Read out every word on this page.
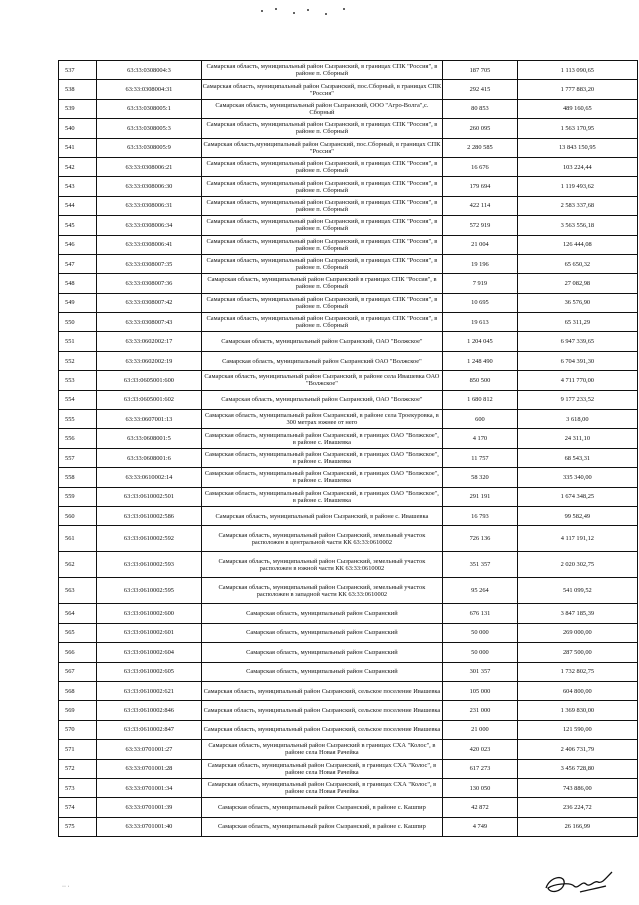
537	63:33:0308004:3	Самарская область, муниципальный район Сызранский, в границах СПК "Россия", в районе п. Сборный	187 705	1 113 090,65
538	63:33:0308004:31	Самарская область, муниципальный район Сызранский, пос.Сборный, в границах СПК "Россия"	292 415	1 777 883,20
539	63:33:0308005:1	Самарская область, муниципальный район Сызранский, ООО "Агро-Волга",с. Сборный	80 853	489 160,65
540	63:33:0308005:3	Самарская область, муниципальный район Сызранский, в границах СПК "Россия", в районе п. Сборный	260 095	1 563 170,95
541	63:33:0308005:9	Самарская область,муниципальный район Сызранский, пос.Сборный, в границах СПК "Россия"	2 280 585	13 843 150,95
542	63:33:0308006:21	Самарская область, муниципальный район Сызранский, в границах СПК "Россия", в районе п. Сборный	16 676	103 224,44
543	63:33:0308006:30	Самарская область, муниципальный район Сызранский, в границах СПК "Россия", в районе п. Сборный	179 694	1 119 493,62
544	63:33:0308006:31	Самарская область, муниципальный район Сызранский, в границах СПК "Россия", в районе п. Сборный	422 114	2 583 337,68
545	63:33:0308006:34	Самарская область, муниципальный район Сызранский, в границах СПК "Россия", в районе п. Сборный	572 919	3 563 556,18
546	63:33:0308006:41	Самарская область, муниципальный район Сызранский, в границах СПК "Россия", в районе п. Сборный	21 004	126 444,08
547	63:33:0308007:35	Самарская область, муниципальный район Сызранский, в границах СПК "Россия", в районе п. Сборный	19 196	65 650,32
548	63:33:0308007:36	Самарская область, муниципальный район Сызранский в границах СПК "Россия", в районе п. Сборный	7 919	27 082,98
549	63:33:0308007:42	Самарская область, муниципальный район Сызранский, в границах СПК "Россия", в районе п. Сборный	10 695	36 576,90
550	63:33:0308007:43	Самарская область, муниципальный район Сызранский, в границах СПК "Россия", в районе п. Сборный	19 613	65 311,29
551	63:33:0602002:17	Самарская область, муниципальный район Сызранский, ОАО "Волжское"	1 204 045	6 947 339,65
552	63:33:0602002:19	Самарская область, муниципальный район Сызранский ОАО "Волжское"	1 248 490	6 704 391,30
553	63:33:0605001:600	Самарская область, муниципальный район Сызранский, в районе села Ивашевка ОАО "Волжское"	850 500	4 711 770,00
554	63:33:0605001:602	Самарская область, муниципальный район Сызранский, ОАО "Волжское"	1 680 812	9 177 233,52
555	63:33:0607001:13	Самарская область, муниципальный район Сызранский, в районе села Троекуровка, в 300 метрах южнее от него	600	3 618,00
556	63:33:0608001:5	Самарская область, муниципальный район Сызранский, в границах ОАО "Волжское", в районе с. Ивашевка	4 170	24 311,10
557	63:33:0608001:6	Самарская область, муниципальный район Сызранский, в границах ОАО "Волжское", в районе с. Ивашевка	11 757	68 543,31
558	63:33:0610002:14	Самарская область, муниципальный район Сызранский, в границах ОАО "Волжское", в районе с. Ивашевка	58 320	335 340,00
559	63:33:0610002:501	Самарская область, муниципальный район Сызранский, в границах ОАО "Волжское", в районе с. Ивашевка	291 191	1 674 348,25
560	63:33:0610002:586	Самарская область, муниципальный район Сызранский, в районе с. Ивашевка	16 793	99 582,49
561	63:33:0610002:592	Самарская область, муниципальный район Сызранский, земельный участок расположен в центральной части КК 63:33:0610002	726 136	4 117 191,12
562	63:33:0610002:593	Самарская область, муниципальный район Сызранский, земельный участок расположен в южной части КК 63:33:0610002	351 357	2 020 302,75
563	63:33:0610002:595	Самарская область, муниципальный район Сызранский, земельный участок расположен в западной части КК 63:33:0610002	95 264	541 099,52
564	63:33:0610002:600	Самарская область, муниципальный район Сызранский	676 131	3 847 185,39
565	63:33:0610002:601	Самарская область, муниципальный район Сызранский	50 000	269 000,00
566	63:33:0610002:604	Самарская область, муниципальный район Сызранский	50 000	287 500,00
567	63:33:0610002:605	Самарская область, муниципальный район Сызранский	301 357	1 732 802,75
568	63:33:0610002:621	Самарская область, муниципальный район Сызранский, сельское поселение Ивашевка	105 000	604 800,00
569	63:33:0610002:846	Самарская область, муниципальный район Сызранский, сельское поселение Ивашевка	231 000	1 369 830,00
570	63:33:0610002:847	Самарская область, муниципальный район Сызранский, сельское поселение Ивашевка	21 000	121 590,00
571	63:33:0701001:27	Самарская область, муниципальный район Сызранский в границах СХА "Колос", в районе села Новая Рачейка	420 023	2 406 731,79
572	63:33:0701001:28	Самарская область, муниципальный район Сызранский, в границах СХА "Колос", в районе села Новая Рачейка	617 273	3 456 728,80
573	63:33:0701001:34	Самарская область, муниципальный район Сызранский, в границах СХА "Колос", в районе села Новая Рачейка	130 050	743 886,00
574	63:33:0701001:39	Самарская область, муниципальный район Сызранский, в районе с. Кашпир	42 872	236 224,72
575	63:33:0701001:40	Самарская область, муниципальный район Сызранский, в районе с. Кашпир	4 749	26 166,99
·· ·
